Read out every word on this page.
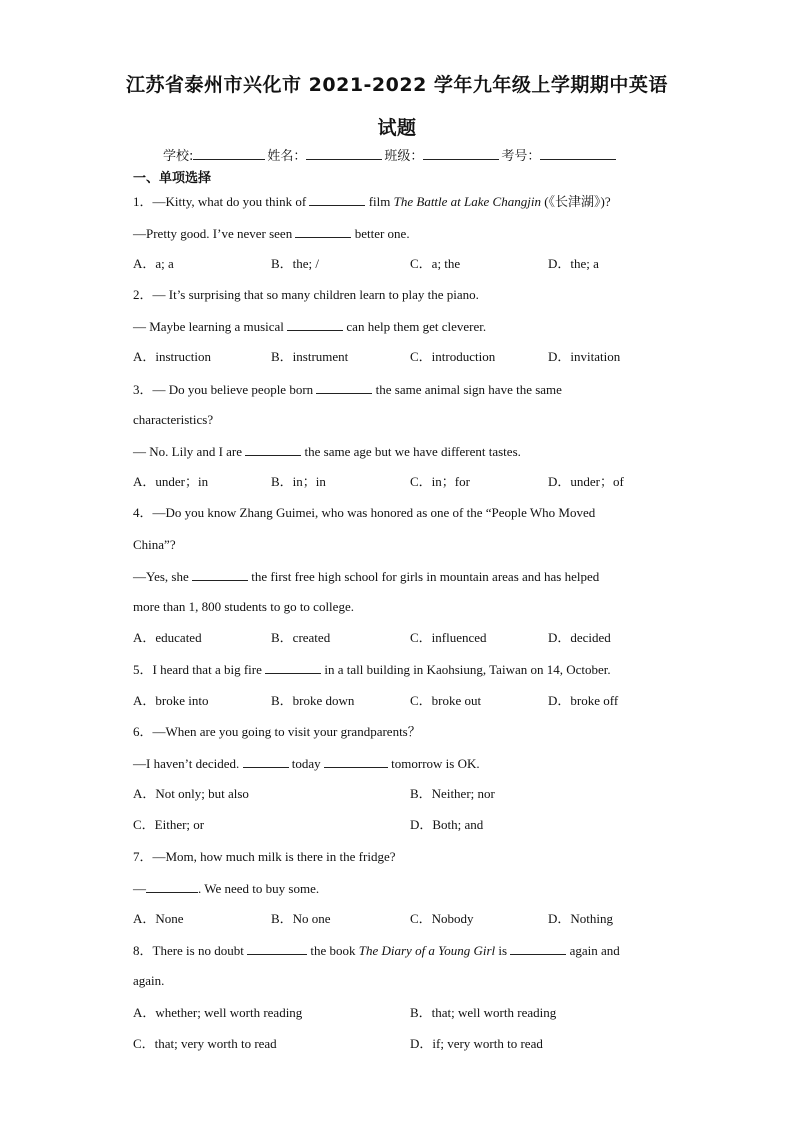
江苏省泰州市兴化市 2021-2022 学年九年级上学期期中英语
试题
学校:	姓名：	班级：	考号：
一、单项选择
1．—Kitty, what do you think of	film The Battle at Lake Changjin (《长津湖》)?
—Pretty good. I’ve never seen	better one.
A．a; a	B．the; /	C．a; the	D．the; a
2．— It’s surprising that so many children learn to play the piano.
— Maybe learning a musical	can help them get cleverer.
A．instruction	B．instrument	C．introduction	D．invitation
3．— Do you believe people born	the same animal sign have the same
characteristics?
— No. Lily and I are	the same age but we have different tastes.
A．under；in	B．in；in	C．in；for	D．under；of
4．—Do you know Zhang Guimei, who was honored as one of the “People Who Moved
China”?
—Yes, she	the first free high school for girls in mountain areas and has helped
more than 1, 800 students to go to college.
A．educated	B．created	C．influenced	D．decided
5．I heard that a big fire	in a tall building in Kaohsiung, Taiwan on 14, October.
A．broke into	B．broke down	C．broke out	D．broke off
6．—When are you going to visit your grandparents？
—I haven’t decided.	today	tomorrow is OK.
A．Not only; but also	B．Neither; nor
C．Either; or	D．Both; and
7．—Mom, how much milk is there in the fridge?
—	. We need to buy some.
A．None	B．No one	C．Nobody	D．Nothing
8．There is no doubt	the book The Diary of a Young Girl is	again and
again.
A．whether; well worth reading	B．that; well worth reading
C．that; very worth to read	D．if; very worth to read
